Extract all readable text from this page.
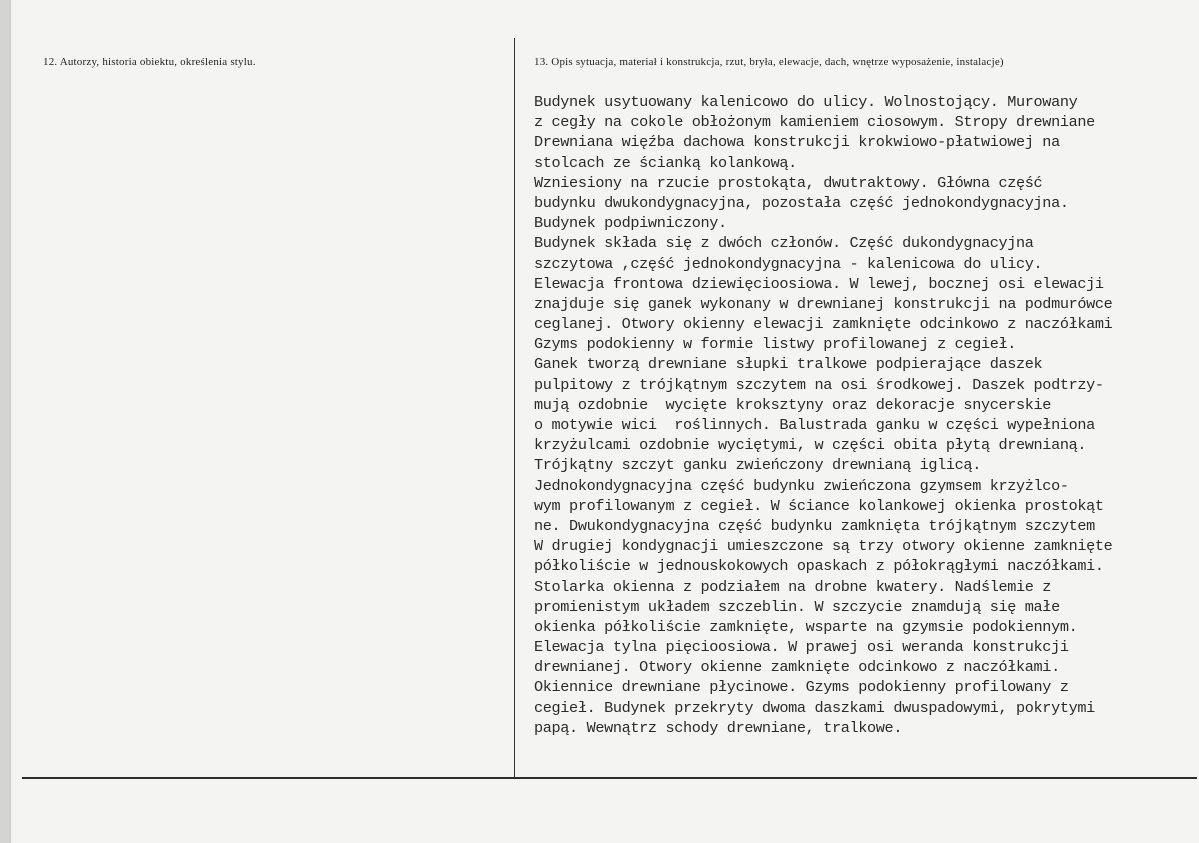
12. Autorzy, historia obiektu, określenia stylu.	13. Opis sytuacja, materiał i konstrukcja, rzut, bryła, elewacje, dach, wnętrze wyposażenie, instalacje)
Budynek usytuowany kalenicowo do ulicy. Wolnostojący. Murowany
z cegły na cokole obłożonym kamieniem ciosowym. Stropy drewniane
Drewniana więźba dachowa konstrukcji krokwiowo-płatwiowej na
stolcach ze ścianką kolankową.
Wzniesiony na rzucie prostokąta, dwutraktowy. Główna część
budynku dwukondygnacyjna, pozostała część jednokondygnacyjna.
Budynek podpiwniczony.
Budynek składa się z dwóch członów. Część dukondygnacyjna
szczytowa ,część jednokondygnacyjna - kalenicowa do ulicy.
Elewacja frontowa dziewięcioosiowa. W lewej, bocznej osi elewacji
znajduje się ganek wykonany w drewnianej konstrukcji na podmurówce
ceglanej. Otwory okienny elewacji zamknięte odcinkowo z naczółkami
Gzyms podokienny w formie listwy profilowanej z cegieł.
Ganek tworzą drewniane słupki tralkowe podpierające daszek
pulpitowy z trójkątnym szczytem na osi środkowej. Daszek podtrzy-
mują ozdobnie  wycięte kroksztyny oraz dekoracje snycerskie
o motywie wici  roślinnych. Balustrada ganku w części wypełniona
krzyżulcami ozdobnie wyciętymi, w części obita płytą drewnianą.
Trójkątny szczyt ganku zwieńczony drewnianą iglicą.
Jednokondygnacyjna część budynku zwieńczona gzymsem krzyżlco-
wym profilowanym z cegieł. W ściance kolankowej okienka prostokąt
ne. Dwukondygnacyjna część budynku zamknięta trójkątnym szczytem
W drugiej kondygnacji umieszczone są trzy otwory okienne zamknięte
półkoliście w jednouskokowych opaskach z półokrągłymi naczółkami.
Stolarka okienna z podziałem na drobne kwatery. Nadślemie z
promienistym układem szczeblin. W szczycie znamdują się małe
okienka półkoliście zamknięte, wsparte na gzymsie podokiennym.
Elewacja tylna pięcioosiowa. W prawej osi weranda konstrukcji
drewnianej. Otwory okienne zamknięte odcinkowo z naczółkami.
Okiennice drewniane płycinowe. Gzyms podokienny profilowany z
cegieł. Budynek przekryty dwoma daszkami dwuspadowymi, pokrytymi
papą. Wewnątrz schody drewniane, tralkowe.
